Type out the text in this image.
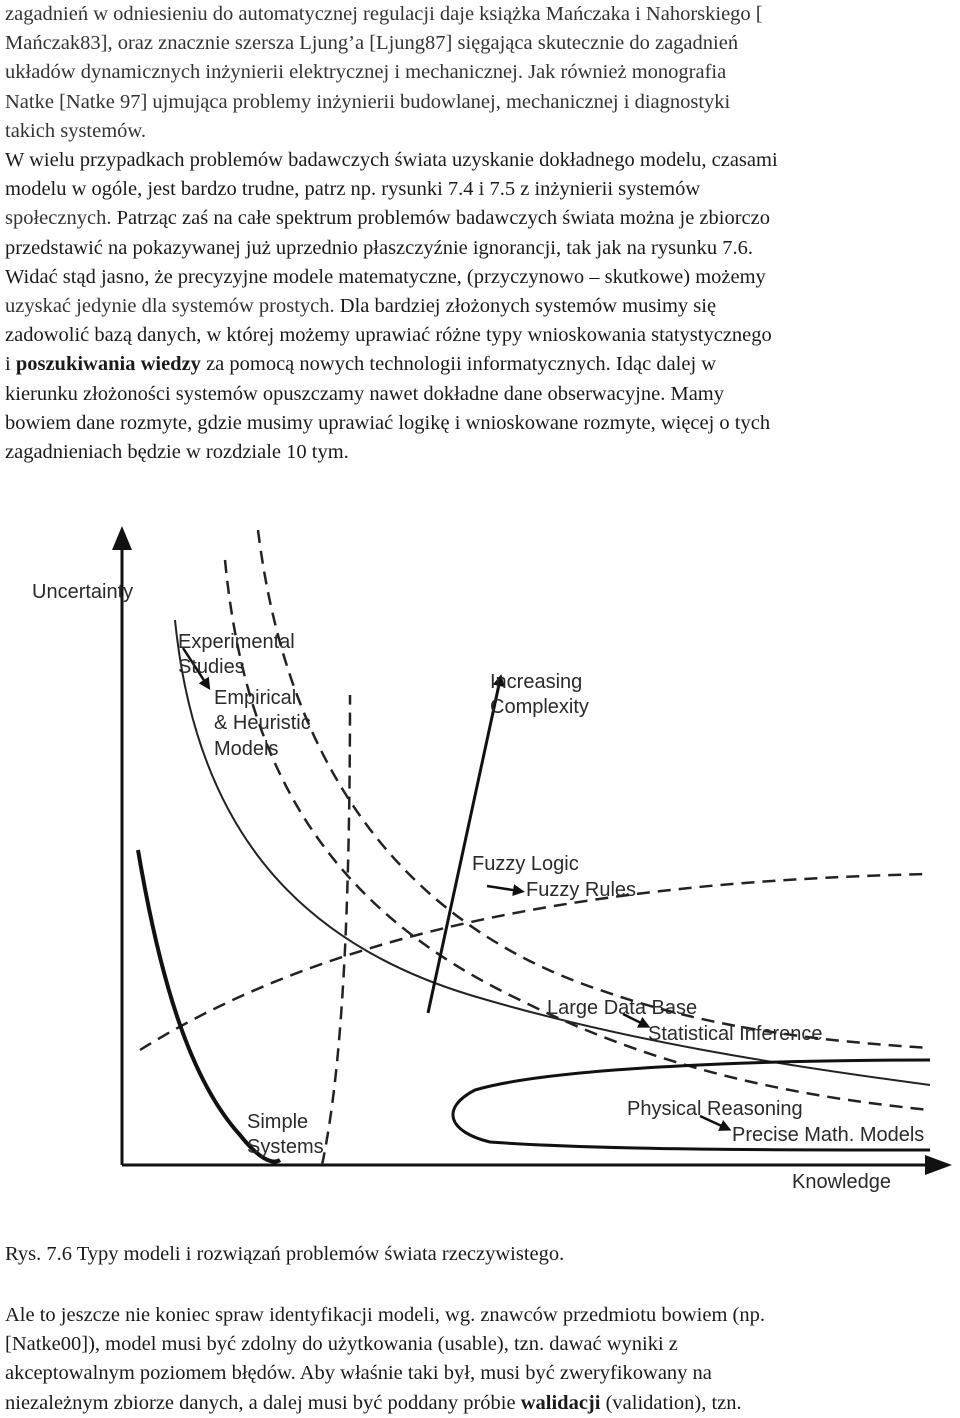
zagadnień w odniesieniu do automatycznej regulacji daje książka Mańczaka i Nahorskiego [
Mańczak83], oraz znacznie szersza Ljung’a [Ljung87] sięgająca skutecznie do zagadnień
układów dynamicznych inżynierii elektrycznej i mechanicznej. Jak również monografia
Natke [Natke 97] ujmująca problemy inżynierii budowlanej, mechanicznej i diagnostyki
takich systemów.
W wielu przypadkach problemów badawczych świata uzyskanie dokładnego modelu, czasami
modelu w ogóle, jest bardzo trudne, patrz np. rysunki 7.4 i 7.5 z inżynierii systemów
społecznych. Patrząc zaś na całe spektrum problemów badawczych świata można je zbiorczo
przedstawić na pokazywanej już uprzednio płaszczyźnie ignorancji, tak jak na rysunku 7.6.
Widać stąd jasno, że precyzyjne modele matematyczne, (przyczynowo – skutkowe) możemy
uzyskać jedynie dla systemów prostych. Dla bardziej złożonych systemów musimy się
zadowolić bazą danych, w której możemy uprawiać różne typy wnioskowania statystycznego
i poszukiwania wiedzy za pomocą nowych technologii informatycznych. Idąc dalej w
kierunku złożoności systemów opuszczamy nawet dokładne dane obserwacyjne. Mamy
bowiem dane rozmyte, gdzie musimy uprawiać logikę i wnioskowane rozmyte, więcej o tych
zagadnieniach będzie w rozdziale 10 tym.
Uncertainty
Knowledge
Experimental
Studies
Empirical
& Heuristic
Models
Increasing
Complexity
Fuzzy Logic
Fuzzy Rules
Large Data Base
Statistical Inference
Physical Reasoning
Precise Math. Models
Simple
Systems
Rys. 7.6 Typy modeli i rozwiązań problemów świata rzeczywistego.
Ale to jeszcze nie koniec spraw identyfikacji modeli, wg. znawców przedmiotu bowiem (np.
[Natke00]), model musi być zdolny do użytkowania (usable), tzn. dawać wyniki z
akceptowalnym poziomem błędów. Aby właśnie taki był, musi być zweryfikowany na
niezależnym zbiorze danych, a dalej musi być poddany próbie walidacji (validation), tzn.
